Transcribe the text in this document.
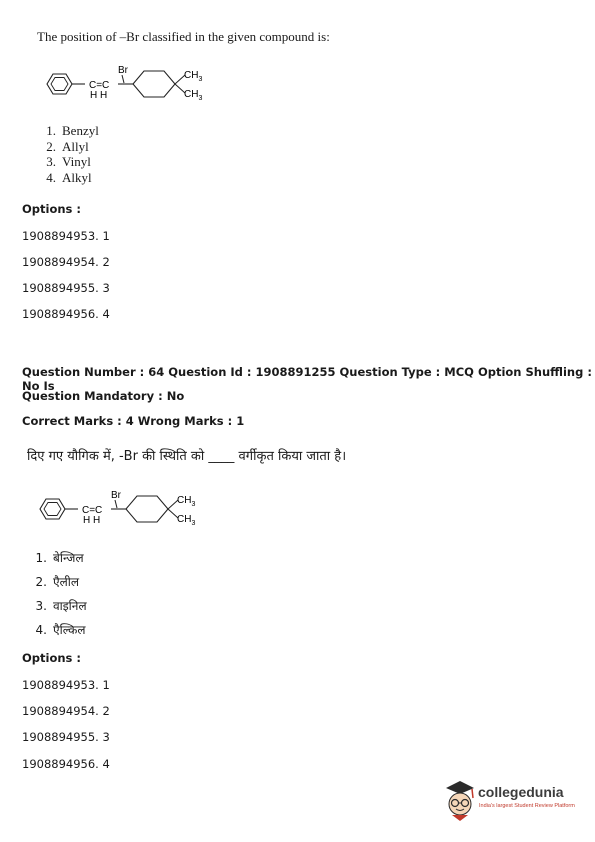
The position of –Br classified in the given compound is:
C=C
H H
Br	$CH_3$
$CH_3$
1. Benzyl
2. Allyl
3. Vinyl
4. Alkyl
Options :
1908894953. 1
1908894954. 2
1908894955. 3
1908894956. 4
Question Number : 64 Question Id : 1908891255 Question Type : MCQ Option Shuffling : No Is
Question Mandatory : No
Correct Marks : 4 Wrong Marks : 1
दिए गए यौगिक में, -Br की स्थिति को ____ वर्गीकृत किया जाता है।
C=C
H H
Br	$CH_3$
$CH_3$
1. बेन्जिल
2. एैलील
3. वाइनिल
4. एैल्किल
Options :
1908894953. 1
1908894954. 2
1908894955. 3
1908894956. 4
collegedunia
India's largest Student Review Platform
